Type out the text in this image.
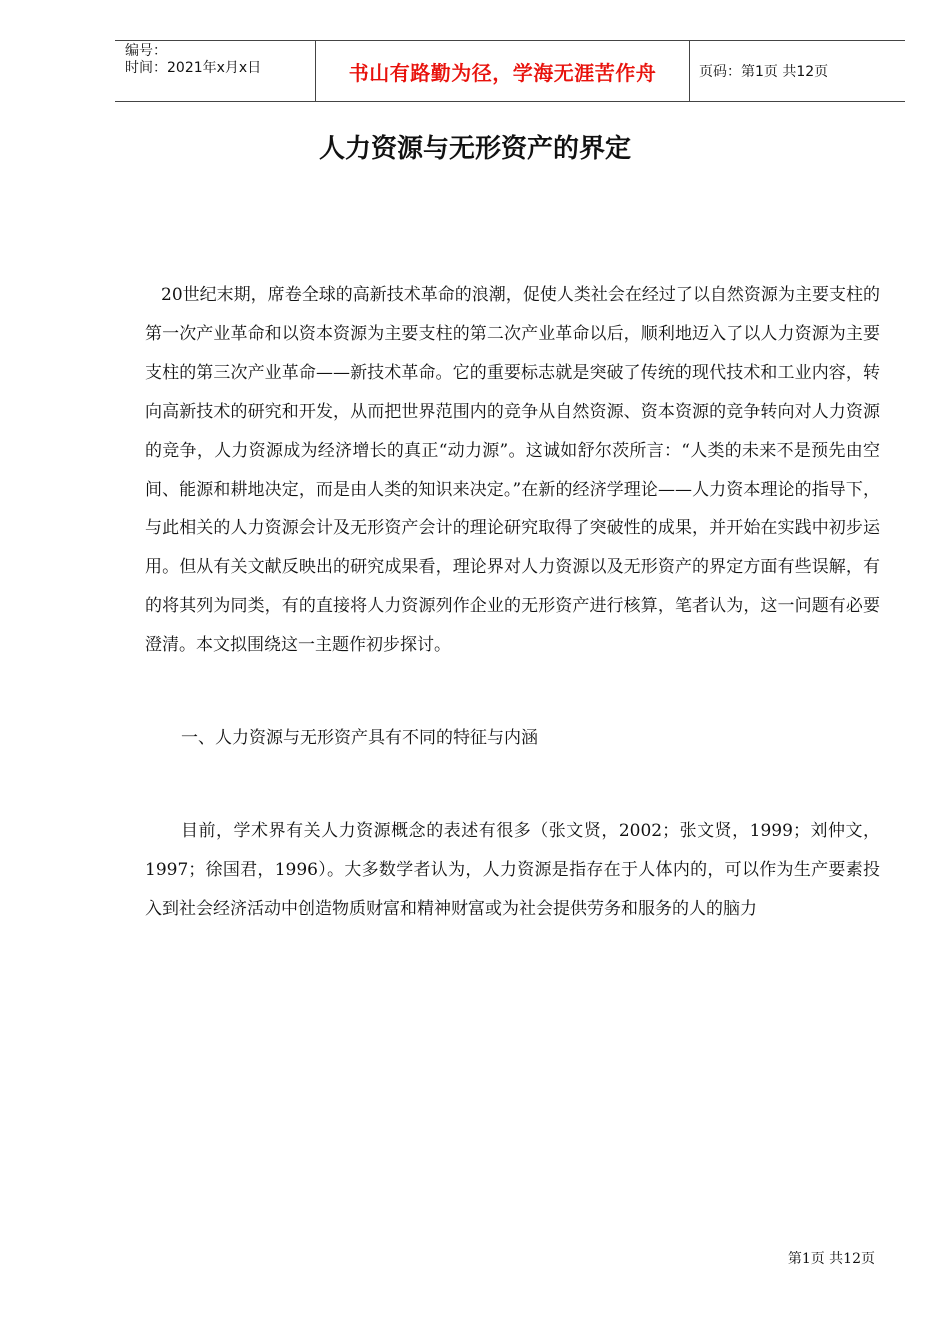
编号：
时间：2021年x月x日	书山有路勤为径，学海无涯苦作舟	页码：第1页 共12页
人力资源与无形资产的界定

20世纪末期，席卷全球的高新技术革命的浪潮，促使人类社会在经过了以自然资源为主要支柱的第一次产业革命和以资本资源为主要支柱的第二次产业革命以后，顺利地迈入了以人力资源为主要支柱的第三次产业革命——新技术革命。它的重要标志就是突破了传统的现代技术和工业内容，转向高新技术的研究和开发，从而把世界范围内的竞争从自然资源、资本资源的竞争转向对人力资源的竞争，人力资源成为经济增长的真正“动力源”。这诚如舒尔茨所言：“人类的未来不是预先由空间、能源和耕地决定，而是由人类的知识来决定。”在新的经济学理论——人力资本理论的指导下，与此相关的人力资源会计及无形资产会计的理论研究取得了突破性的成果，并开始在实践中初步运用。但从有关文献反映出的研究成果看，理论界对人力资源以及无形资产的界定方面有些误解，有的将其列为同类，有的直接将人力资源列作企业的无形资产进行核算，笔者认为，这一问题有必要澄清。本文拟围绕这一主题作初步探讨。

一、人力资源与无形资产具有不同的特征与内涵

目前，学术界有关人力资源概念的表述有很多（张文贤，2002；张文贤，1999；刘仲文，1997；徐国君，1996）。大多数学者认为，人力资源是指存在于人体内的，可以作为生产要素投入到社会经济活动中创造物质财富和精神财富或为社会提供劳务和服务的人的脑力

第1页 共12页
